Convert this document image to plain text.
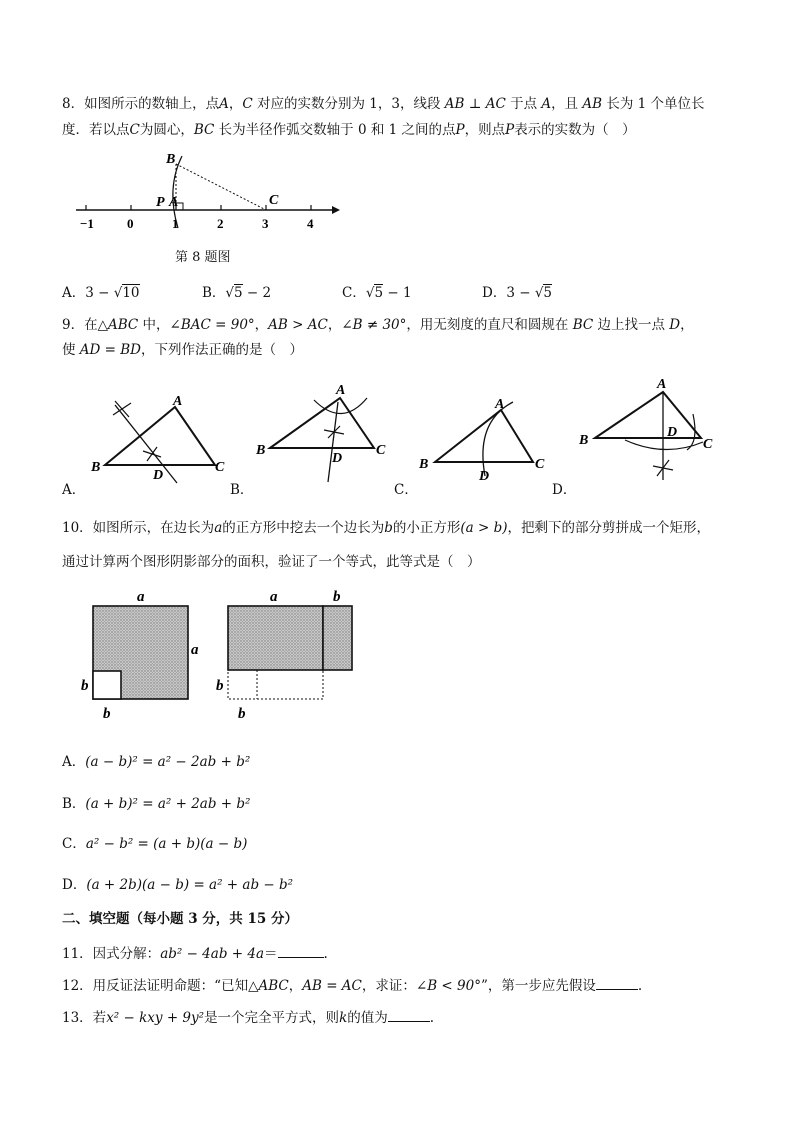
8．如图所示的数轴上，点A，C 对应的实数分别为 1，3，线段 AB ⊥ AC 于点 A，且 AB 长为 1 个单位长
度．若以点C为圆心，BC 长为半径作弧交数轴于 0 和 1 之间的点P，则点P表示的实数为（　）
B
P A	C
−1	0	1	2	3	4
第 8 题图
A．3 − √10	B．√5 − 2	C．√5 − 1	D．3 − √5
9．在△ABC 中，∠BAC = 90°，AB > AC，∠B ≠ 30°，用无刻度的直尺和圆规在 BC 边上找一点 D，
使 AD = BD，下列作法正确的是（　）
A
B	C
D
A．
A
B	C
D
B．
A
B	C
D
C．
A
B	C
D
D．
10．如图所示，在边长为a的正方形中挖去一个边长为b的小正方形(a > b)，把剩下的部分剪拼成一个矩形，
通过计算两个图形阴影部分的面积，验证了一个等式，此等式是（　）
a
a
b
b
a	b
b
b
A．(a − b)² = a² − 2ab + b²
B．(a + b)² = a² + 2ab + b²
C．a² − b² = (a + b)(a − b)
D．(a + 2b)(a − b) = a² + ab − b²
二、填空题（每小题 3 分，共 15 分）
11．因式分解：ab² − 4ab + 4a＝	.
12．用反证法证明命题：“已知△ABC，AB = AC，求证：∠B < 90°”，第一步应先假设	.
13．若x² − kxy + 9y²是一个完全平方式，则k的值为	.
